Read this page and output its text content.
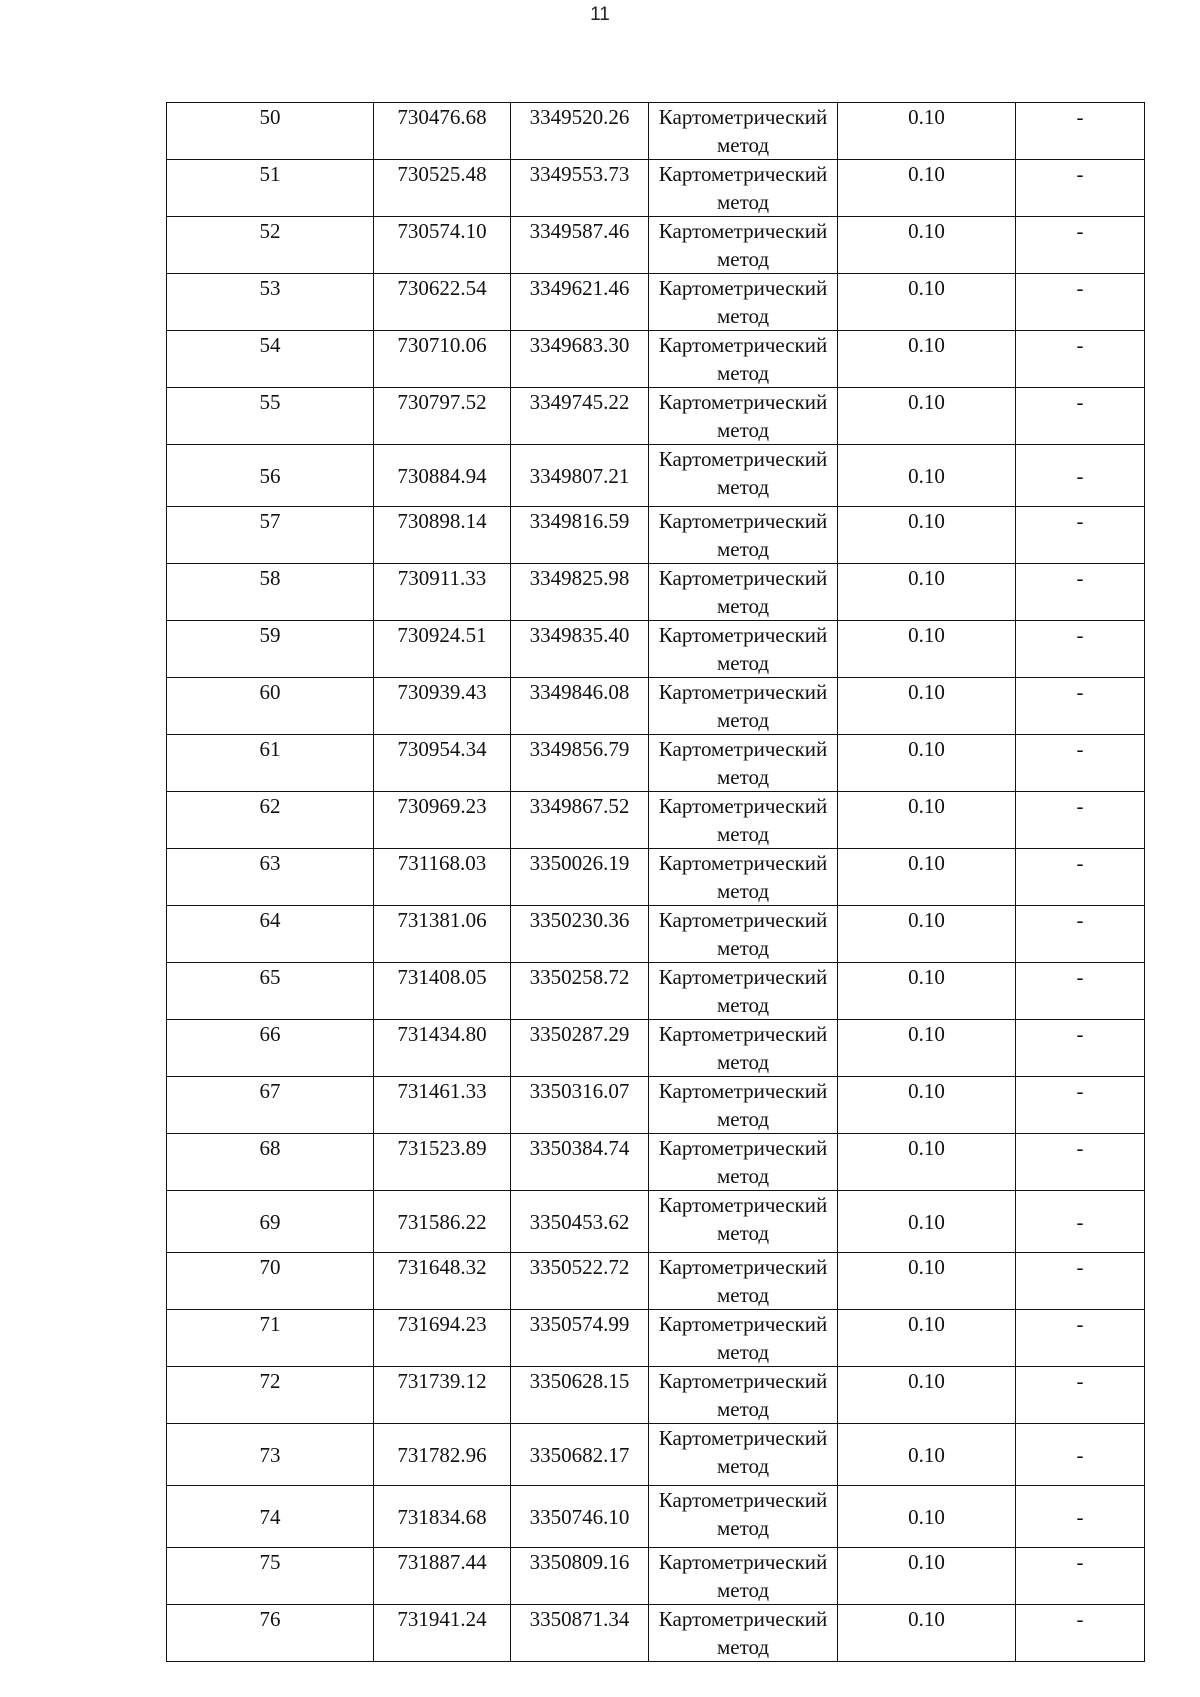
11
50	730476.68	3349520.26	Картометрический метод	0.10	-
51	730525.48	3349553.73	Картометрический метод	0.10	-
52	730574.10	3349587.46	Картометрический метод	0.10	-
53	730622.54	3349621.46	Картометрический метод	0.10	-
54	730710.06	3349683.30	Картометрический метод	0.10	-
55	730797.52	3349745.22	Картометрический метод	0.10	-
56	730884.94	3349807.21	Картометрический метод	0.10	-
57	730898.14	3349816.59	Картометрический метод	0.10	-
58	730911.33	3349825.98	Картометрический метод	0.10	-
59	730924.51	3349835.40	Картометрический метод	0.10	-
60	730939.43	3349846.08	Картометрический метод	0.10	-
61	730954.34	3349856.79	Картометрический метод	0.10	-
62	730969.23	3349867.52	Картометрический метод	0.10	-
63	731168.03	3350026.19	Картометрический метод	0.10	-
64	731381.06	3350230.36	Картометрический метод	0.10	-
65	731408.05	3350258.72	Картометрический метод	0.10	-
66	731434.80	3350287.29	Картометрический метод	0.10	-
67	731461.33	3350316.07	Картометрический метод	0.10	-
68	731523.89	3350384.74	Картометрический метод	0.10	-
69	731586.22	3350453.62	Картометрический метод	0.10	-
70	731648.32	3350522.72	Картометрический метод	0.10	-
71	731694.23	3350574.99	Картометрический метод	0.10	-
72	731739.12	3350628.15	Картометрический метод	0.10	-
73	731782.96	3350682.17	Картометрический метод	0.10	-
74	731834.68	3350746.10	Картометрический метод	0.10	-
75	731887.44	3350809.16	Картометрический метод	0.10	-
76	731941.24	3350871.34	Картометрический метод	0.10	-
